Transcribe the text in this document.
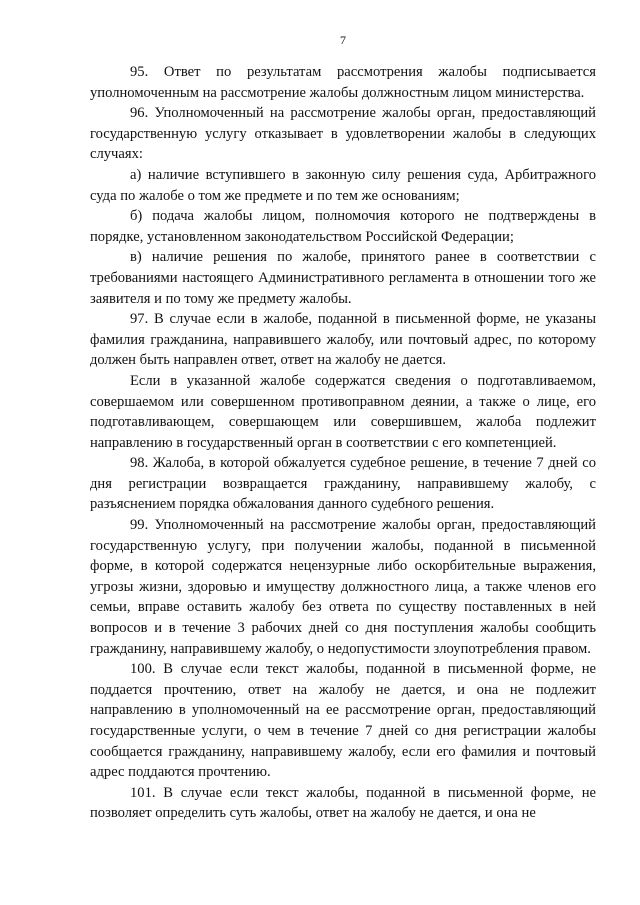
7

95. Ответ по результатам рассмотрения жалобы подписывается уполномоченным на рассмотрение жалобы должностным лицом министерства.

96. Уполномоченный на рассмотрение жалобы орган, предоставляющий государственную услугу отказывает в удовлетворении жалобы в следующих случаях:

а) наличие вступившего в законную силу решения суда, Арбитражного суда по жалобе о том же предмете и по тем же основаниям;

б) подача жалобы лицом, полномочия которого не подтверждены в порядке, установленном законодательством Российской Федерации;

в) наличие решения по жалобе, принятого ранее в соответствии с требованиями настоящего Административного регламента в отношении того же заявителя и по тому же предмету жалобы.

97. В случае если в жалобе, поданной в письменной форме, не указаны фамилия гражданина, направившего жалобу, или почтовый адрес, по которому должен быть направлен ответ, ответ на жалобу не дается.

Если в указанной жалобе содержатся сведения о подготавливаемом, совершаемом или совершенном противоправном деянии, а также о лице, его подготавливающем, совершающем или совершившем, жалоба подлежит направлению в государственный орган в соответствии с его компетенцией.

98. Жалоба, в которой обжалуется судебное решение, в течение 7 дней со дня регистрации возвращается гражданину, направившему жалобу, с разъяснением порядка обжалования данного судебного решения.

99. Уполномоченный на рассмотрение жалобы орган, предоставляющий государственную услугу, при получении жалобы, поданной в письменной форме, в которой содержатся нецензурные либо оскорбительные выражения, угрозы жизни, здоровью и имуществу должностного лица, а также членов его семьи, вправе оставить жалобу без ответа по существу поставленных в ней вопросов и в течение 3 рабочих дней со дня поступления жалобы сообщить гражданину, направившему жалобу, о недопустимости злоупотребления правом.

100. В случае если текст жалобы, поданной в письменной форме, не поддается прочтению, ответ на жалобу не дается, и она не подлежит направлению в уполномоченный на ее рассмотрение орган, предоставляющий государственные услуги, о чем в течение 7 дней со дня регистрации жалобы сообщается гражданину, направившему жалобу, если его фамилия и почтовый адрес поддаются прочтению.

101. В случае если текст жалобы, поданной в письменной форме, не позволяет определить суть жалобы, ответ на жалобу не дается, и она не
